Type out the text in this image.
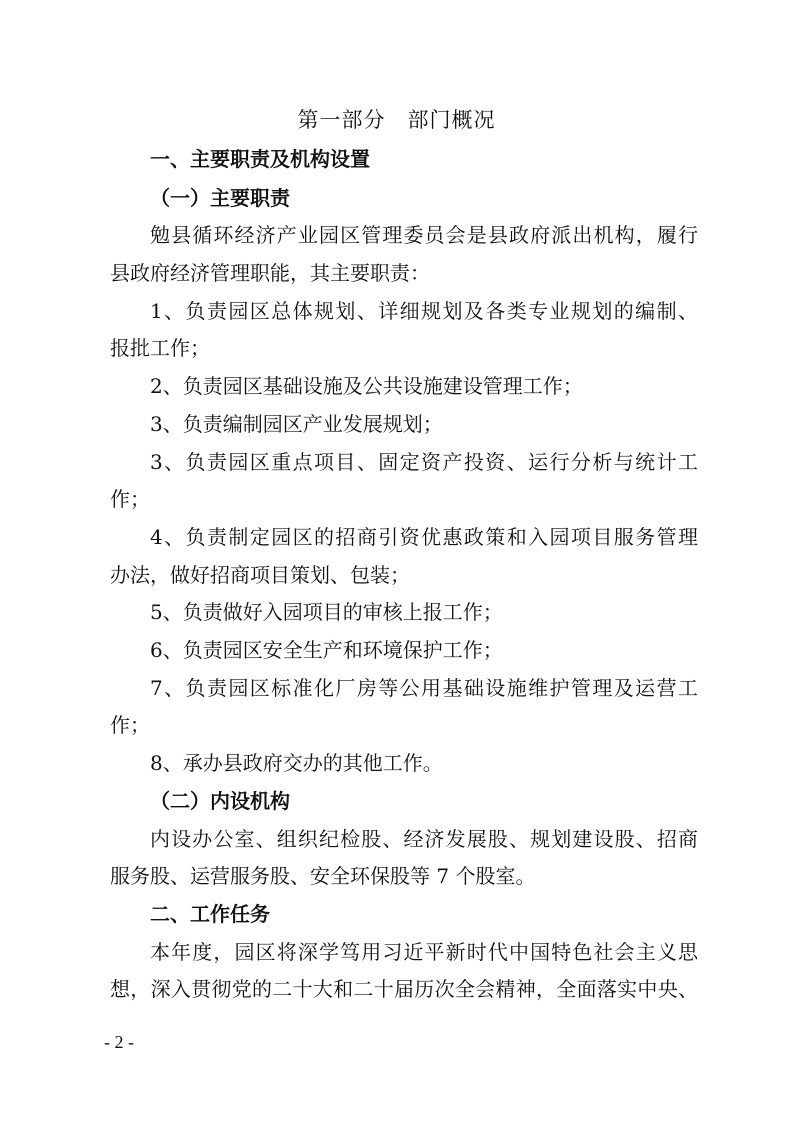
第一部分 部门概况
一、主要职责及机构设置
（一）主要职责
勉县循环经济产业园区管理委员会是县政府派出机构，履行
县政府经济管理职能，其主要职责：
1、负责园区总体规划、详细规划及各类专业规划的编制、
报批工作；
2、负责园区基础设施及公共设施建设管理工作；
3、负责编制园区产业发展规划；
3、负责园区重点项目、固定资产投资、运行分析与统计工
作；
4、负责制定园区的招商引资优惠政策和入园项目服务管理
办法，做好招商项目策划、包装；
5、负责做好入园项目的审核上报工作；
6、负责园区安全生产和环境保护工作；
7、负责园区标准化厂房等公用基础设施维护管理及运营工
作；
8、承办县政府交办的其他工作。
（二）内设机构
内设办公室、组织纪检股、经济发展股、规划建设股、招商
服务股、运营服务股、安全环保股等 7 个股室。
二、工作任务
本年度，园区将深学笃用习近平新时代中国特色社会主义思
想，深入贯彻党的二十大和二十届历次全会精神，全面落实中央、
- 2 -
